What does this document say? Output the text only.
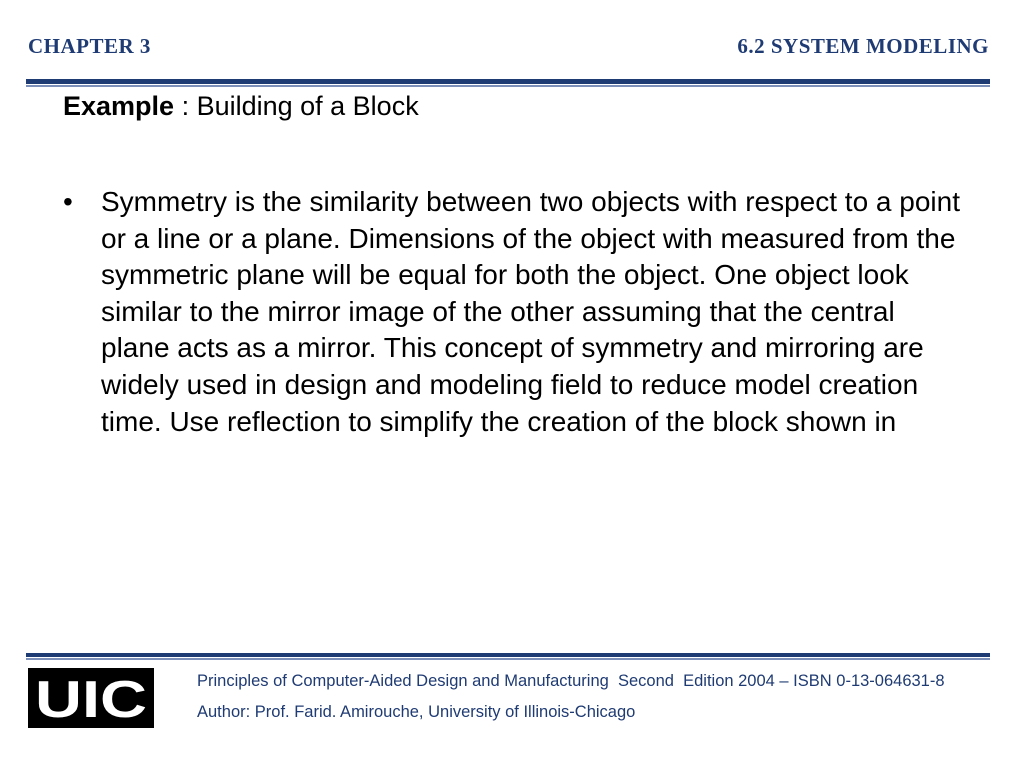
CHAPTER 3	6.2 SYSTEM MODELING
Example : Building of a Block
• Symmetry is the similarity between two objects with respect to a point or a line or a plane. Dimensions of the object with measured from the symmetric plane will be equal for both the object. One object look similar to the mirror image of the other assuming that the central plane acts as a mirror. This concept of symmetry and mirroring are widely used in design and modeling field to reduce model creation time. Use reflection to simplify the creation of the block shown in
UIC	Principles of Computer-Aided Design and Manufacturing  Second  Edition 2004 – ISBN 0-13-064631-8
Author: Prof. Farid. Amirouche, University of Illinois-Chicago
